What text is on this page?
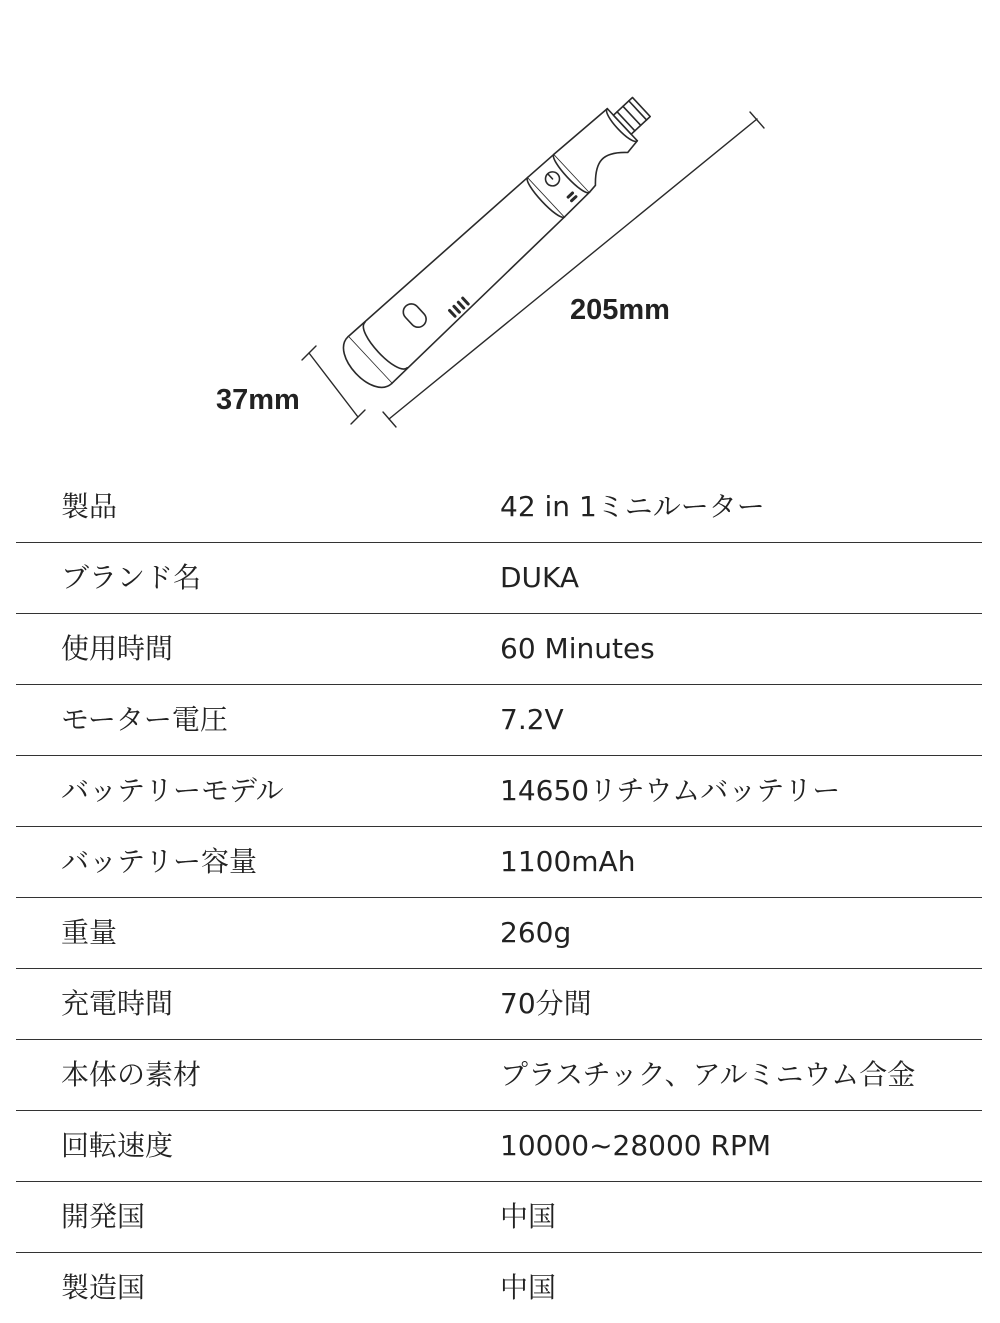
205mm
37mm
製品	42 in 1ミニルーター
ブランド名	DUKA
使用時間	60 Minutes
モーター電圧	7.2V
バッテリーモデル	14650リチウムバッテリー
バッテリー容量	1100mAh
重量	260g
充電時間	70分間
本体の素材	プラスチック、アルミニウム合金
回転速度	10000~28000 RPM
開発国	中国
製造国	中国
